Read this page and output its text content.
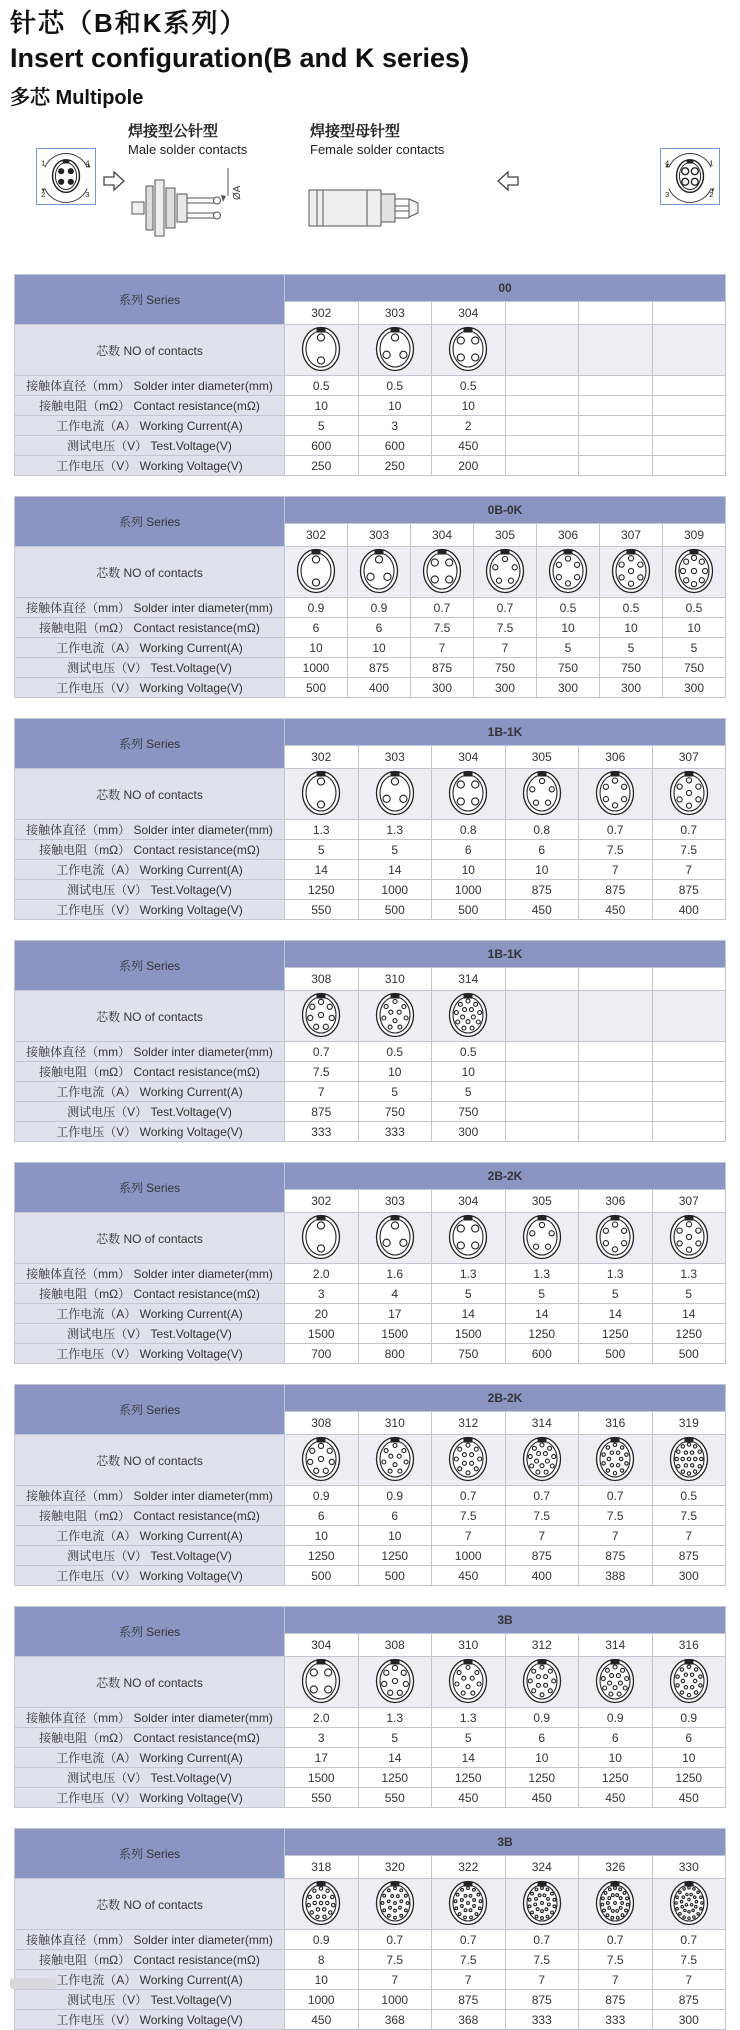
针芯（B和K系列）
Insert configuration(B and K series)
多芯 Multipole
焊接型公针型
Male solder contacts
焊接型母针型
Female solder contacts
1	4
2	3	ØA
4	1
3	2
系列 Series	00					
	302	303	304			
芯数 NO of contacts						
接触体直径（mm） Solder inter diameter(mm)	0.5	0.5	0.5			
接触电阻（mΩ） Contact resistance(mΩ)	10	10	10			
工作电流（A） Working Current(A)	5	3	2			
测试电压（V） Test.Voltage(V)	600	600	450			
工作电压（V） Working Voltage(V)	250	250	200			
系列 Series	0B-0K						
	302	303	304	305	306	307	309
芯数 NO of contacts							
接触体直径（mm） Solder inter diameter(mm)	0.9	0.9	0.7	0.7	0.5	0.5	0.5
接触电阻（mΩ） Contact resistance(mΩ)	6	6	7.5	7.5	10	10	10
工作电流（A） Working Current(A)	10	10	7	7	5	5	5
测试电压（V） Test.Voltage(V)	1000	875	875	750	750	750	750
工作电压（V） Working Voltage(V)	500	400	300	300	300	300	300
系列 Series	1B-1K					
	302	303	304	305	306	307
芯数 NO of contacts						
接触体直径（mm） Solder inter diameter(mm)	1.3	1.3	0.8	0.8	0.7	0.7
接触电阻（mΩ） Contact resistance(mΩ)	5	5	6	6	7.5	7.5
工作电流（A） Working Current(A)	14	14	10	10	7	7
测试电压（V） Test.Voltage(V)	1250	1000	1000	875	875	875
工作电压（V） Working Voltage(V)	550	500	500	450	450	400
系列 Series	1B-1K					
	308	310	314			
芯数 NO of contacts						
接触体直径（mm） Solder inter diameter(mm)	0.7	0.5	0.5			
接触电阻（mΩ） Contact resistance(mΩ)	7.5	10	10			
工作电流（A） Working Current(A)	7	5	5			
测试电压（V） Test.Voltage(V)	875	750	750			
工作电压（V） Working Voltage(V)	333	333	300			
系列 Series	2B-2K					
	302	303	304	305	306	307
芯数 NO of contacts						
接触体直径（mm） Solder inter diameter(mm)	2.0	1.6	1.3	1.3	1.3	1.3
接触电阻（mΩ） Contact resistance(mΩ)	3	4	5	5	5	5
工作电流（A） Working Current(A)	20	17	14	14	14	14
测试电压（V） Test.Voltage(V)	1500	1500	1500	1250	1250	1250
工作电压（V） Working Voltage(V)	700	800	750	600	500	500
系列 Series	2B-2K					
	308	310	312	314	316	319
芯数 NO of contacts						
接触体直径（mm） Solder inter diameter(mm)	0.9	0.9	0.7	0.7	0.7	0.5
接触电阻（mΩ） Contact resistance(mΩ)	6	6	7.5	7.5	7.5	7.5
工作电流（A） Working Current(A)	10	10	7	7	7	7
测试电压（V） Test.Voltage(V)	1250	1250	1000	875	875	875
工作电压（V） Working Voltage(V)	500	500	450	400	388	300
系列 Series	3B					
	304	308	310	312	314	316
芯数 NO of contacts						
接触体直径（mm） Solder inter diameter(mm)	2.0	1.3	1.3	0.9	0.9	0.9
接触电阻（mΩ） Contact resistance(mΩ)	3	5	5	6	6	6
工作电流（A） Working Current(A)	17	14	14	10	10	10
测试电压（V） Test.Voltage(V)	1500	1250	1250	1250	1250	1250
工作电压（V） Working Voltage(V)	550	550	450	450	450	450
系列 Series	3B					
	318	320	322	324	326	330
芯数 NO of contacts						
接触体直径（mm） Solder inter diameter(mm)	0.9	0.7	0.7	0.7	0.7	0.7
接触电阻（mΩ） Contact resistance(mΩ)	8	7.5	7.5	7.5	7.5	7.5
工作电流（A） Working Current(A)	10	7	7	7	7	7
测试电压（V） Test.Voltage(V)	1000	1000	875	875	875	875
工作电压（V） Working Voltage(V)	450	368	368	333	333	300
